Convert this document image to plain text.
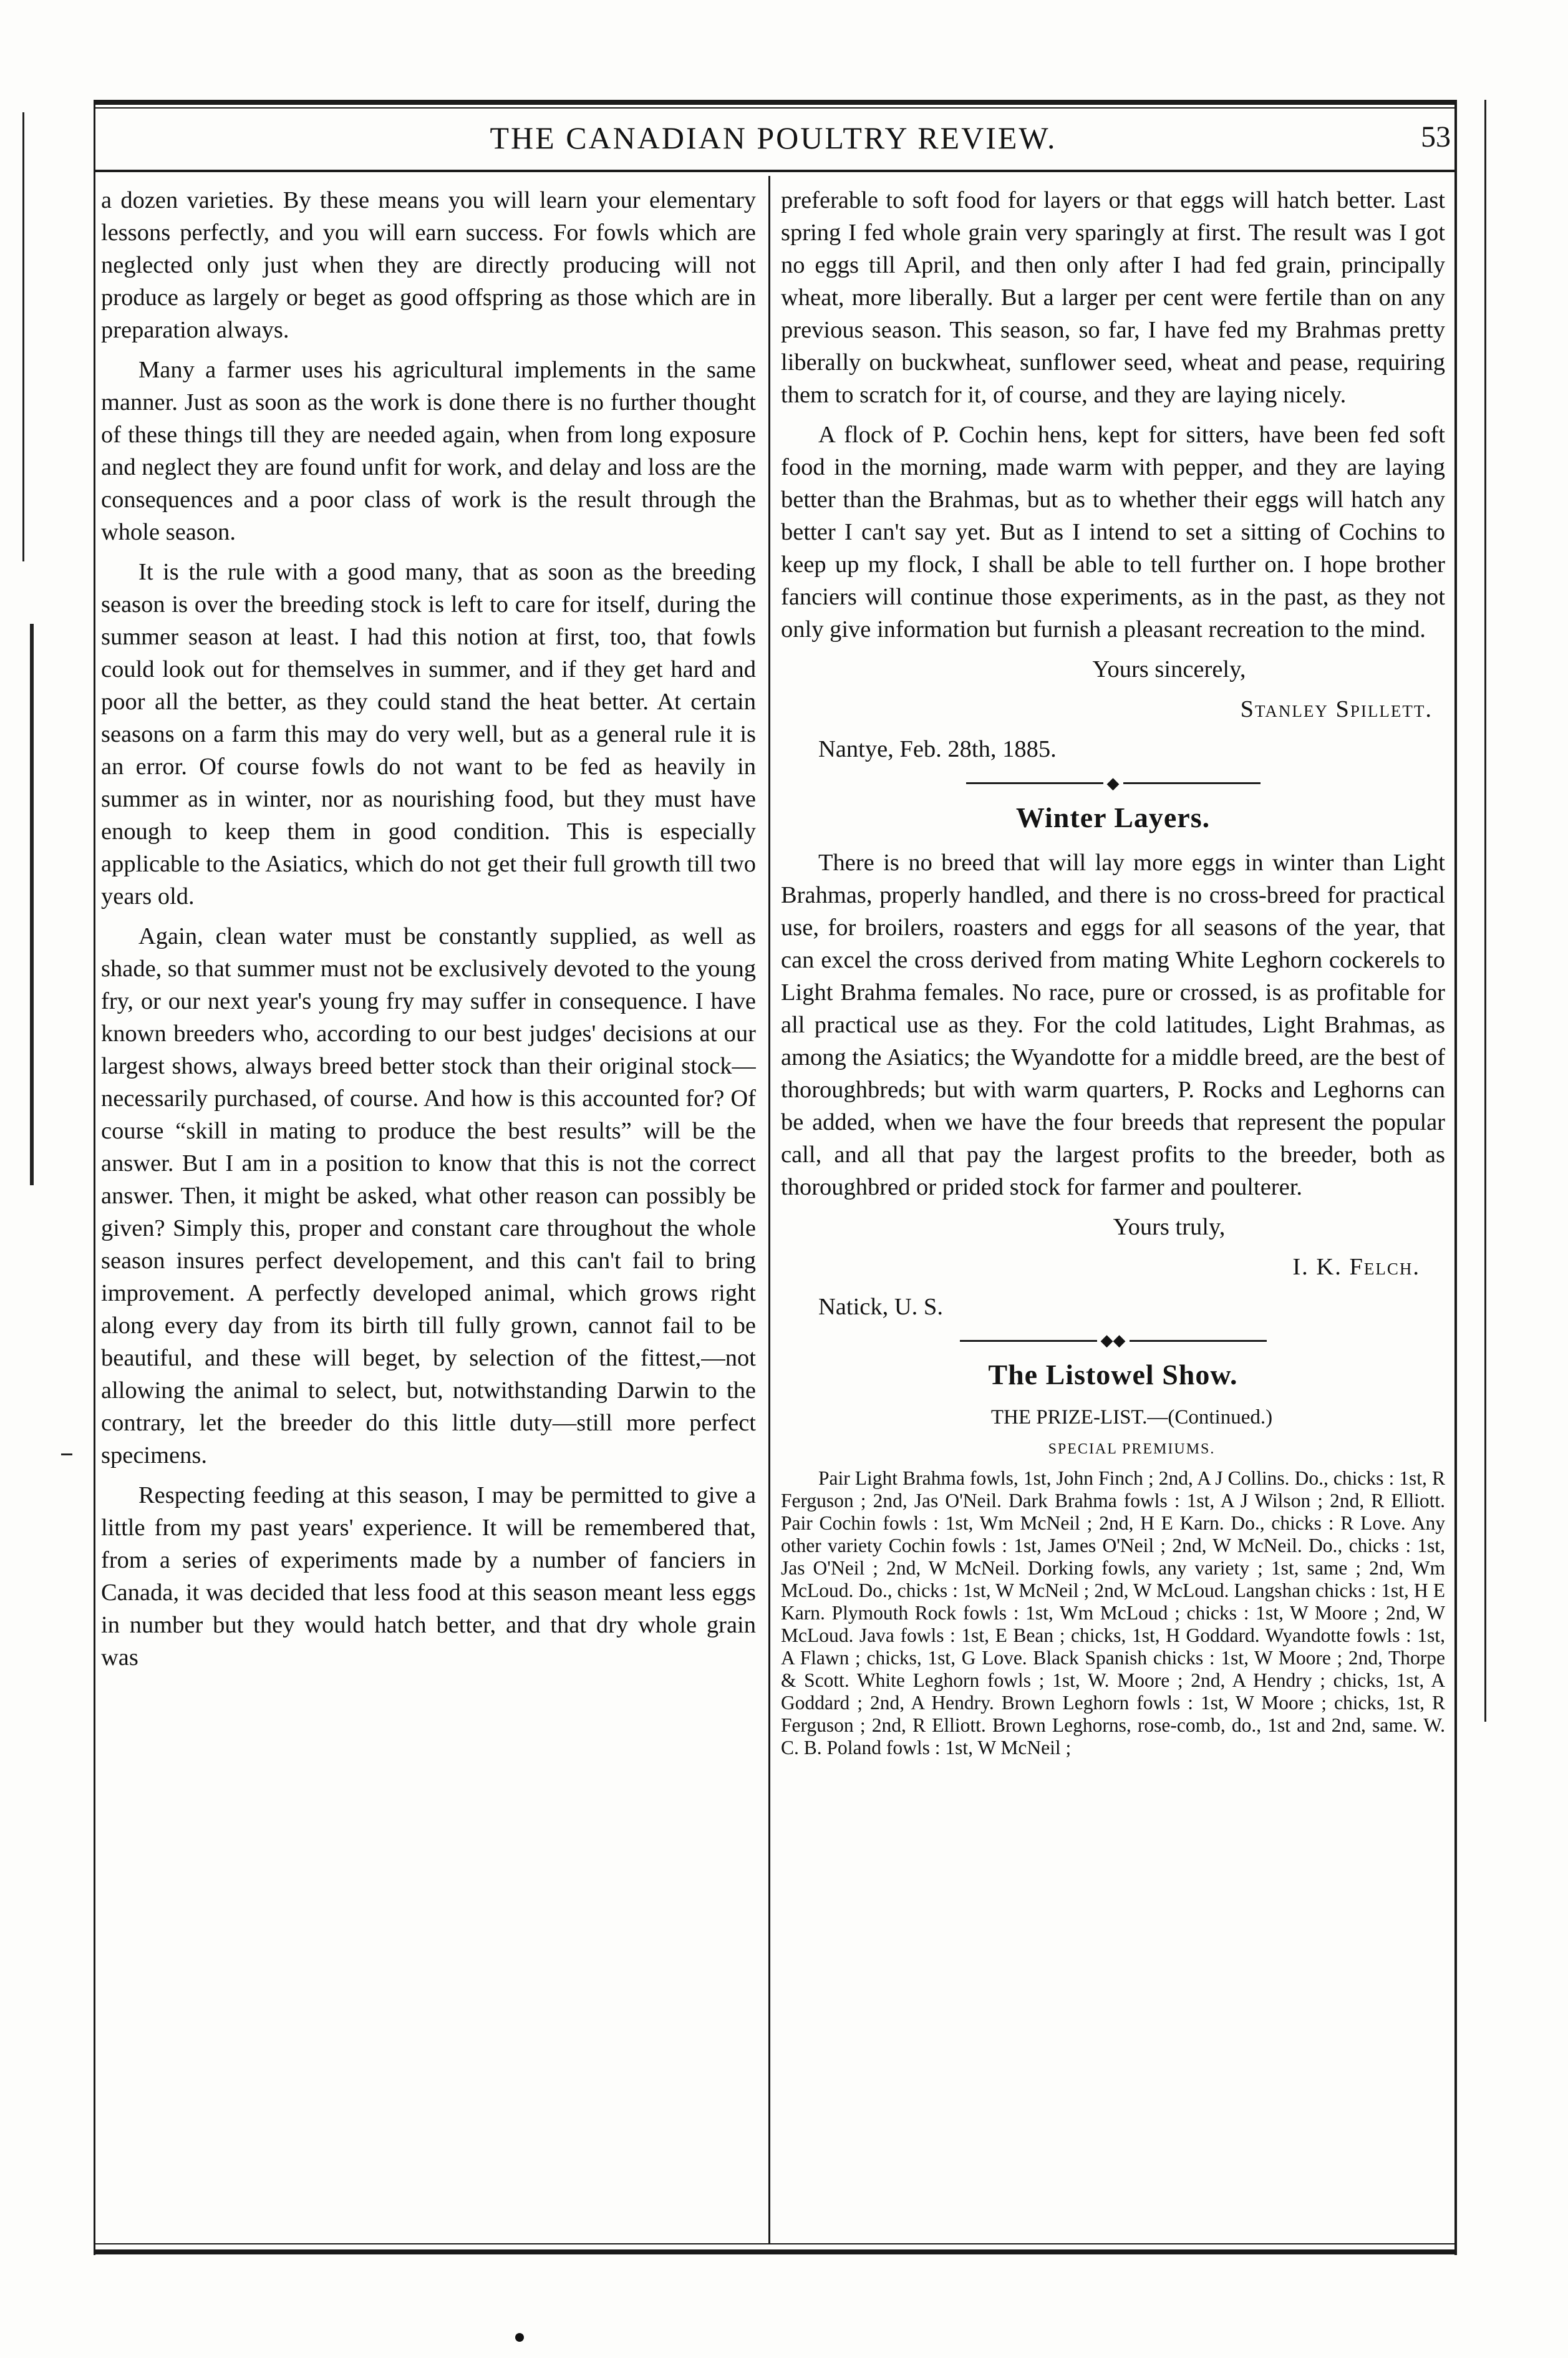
THE CANADIAN POULTRY REVIEW.	53

a dozen varieties. By these means you will learn your elementary lessons perfectly, and you will earn success. For fowls which are neglected only just when they are directly producing will not produce as largely or beget as good offspring as those which are in preparation always.

Many a farmer uses his agricultural implements in the same manner. Just as soon as the work is done there is no further thought of these things till they are needed again, when from long exposure and neglect they are found unfit for work, and delay and loss are the consequences and a poor class of work is the result through the whole season.

It is the rule with a good many, that as soon as the breeding season is over the breeding stock is left to care for itself, during the summer season at least. I had this notion at first, too, that fowls could look out for themselves in summer, and if they get hard and poor all the better, as they could stand the heat better. At certain seasons on a farm this may do very well, but as a general rule it is an error. Of course fowls do not want to be fed as heavily in summer as in winter, nor as nourishing food, but they must have enough to keep them in good condition. This is especially applicable to the Asiatics, which do not get their full growth till two years old.

Again, clean water must be constantly supplied, as well as shade, so that summer must not be exclusively devoted to the young fry, or our next year's young fry may suffer in consequence. I have known breeders who, according to our best judges' decisions at our largest shows, always breed better stock than their original stock—necessarily purchased, of course. And how is this accounted for? Of course “skill in mating to produce the best results” will be the answer. But I am in a position to know that this is not the correct answer. Then, it might be asked, what other reason can possibly be given? Simply this, proper and constant care throughout the whole season insures perfect developement, and this can't fail to bring improvement. A perfectly developed animal, which grows right along every day from its birth till fully grown, cannot fail to be beautiful, and these will beget, by selection of the fittest,—not allowing the animal to select, but, notwithstanding Darwin to the contrary, let the breeder do this little duty—still more perfect specimens.

Respecting feeding at this season, I may be permitted to give a little from my past years' experience. It will be remembered that, from a series of experiments made by a number of fanciers in Canada, it was decided that less food at this season meant less eggs in number but they would hatch better, and that dry whole grain was

preferable to soft food for layers or that eggs will hatch better. Last spring I fed whole grain very sparingly at first. The result was I got no eggs till April, and then only after I had fed grain, principally wheat, more liberally. But a larger per cent were fertile than on any previous season. This season, so far, I have fed my Brahmas pretty liberally on buckwheat, sunflower seed, wheat and pease, requiring them to scratch for it, of course, and they are laying nicely.

A flock of P. Cochin hens, kept for sitters, have been fed soft food in the morning, made warm with pepper, and they are laying better than the Brahmas, but as to whether their eggs will hatch any better I can't say yet. But as I intend to set a sitting of Cochins to keep up my flock, I shall be able to tell further on. I hope brother fanciers will continue those experiments, as in the past, as they not only give information but furnish a pleasant recreation to the mind.

Yours sincerely,

Stanley Spillett.

Nantye, Feb. 28th, 1885.

◆
Winter Layers.

There is no breed that will lay more eggs in winter than Light Brahmas, properly handled, and there is no cross-breed for practical use, for broilers, roasters and eggs for all seasons of the year, that can excel the cross derived from mating White Leghorn cockerels to Light Brahma females. No race, pure or crossed, is as profitable for all practical use as they. For the cold latitudes, Light Brahmas, as among the Asiatics; the Wyandotte for a middle breed, are the best of thoroughbreds; but with warm quarters, P. Rocks and Leghorns can be added, when we have the four breeds that represent the popular call, and all that pay the largest profits to the breeder, both as thoroughbred or prided stock for farmer and poulterer.

Yours truly,

I. K. Felch.

Natick, U. S.

◆◆
The Listowel Show.

THE PRIZE-LIST.—(Continued.)

SPECIAL PREMIUMS.

Pair Light Brahma fowls, 1st, John Finch ; 2nd, A J Collins. Do., chicks : 1st, R Ferguson ; 2nd, Jas O'Neil. Dark Brahma fowls : 1st, A J Wilson ; 2nd, R Elliott. Pair Cochin fowls : 1st, Wm McNeil ; 2nd, H E Karn. Do., chicks : R Love. Any other variety Cochin fowls : 1st, James O'Neil ; 2nd, W McNeil. Do., chicks : 1st, Jas O'Neil ; 2nd, W McNeil. Dorking fowls, any variety ; 1st, same ; 2nd, Wm McLoud. Do., chicks : 1st, W McNeil ; 2nd, W McLoud. Langshan chicks : 1st, H E Karn. Plymouth Rock fowls : 1st, Wm McLoud ; chicks : 1st, W Moore ; 2nd, W McLoud. Java fowls : 1st, E Bean ; chicks, 1st, H Goddard. Wyandotte fowls : 1st, A Flawn ; chicks, 1st, G Love. Black Spanish chicks : 1st, W Moore ; 2nd, Thorpe & Scott. White Leghorn fowls ; 1st, W. Moore ; 2nd, A Hendry ; chicks, 1st, A Goddard ; 2nd, A Hendry. Brown Leghorn fowls : 1st, W Moore ; chicks, 1st, R Ferguson ; 2nd, R Elliott. Brown Leghorns, rose-comb, do., 1st and 2nd, same. W. C. B. Poland fowls : 1st, W McNeil ;
